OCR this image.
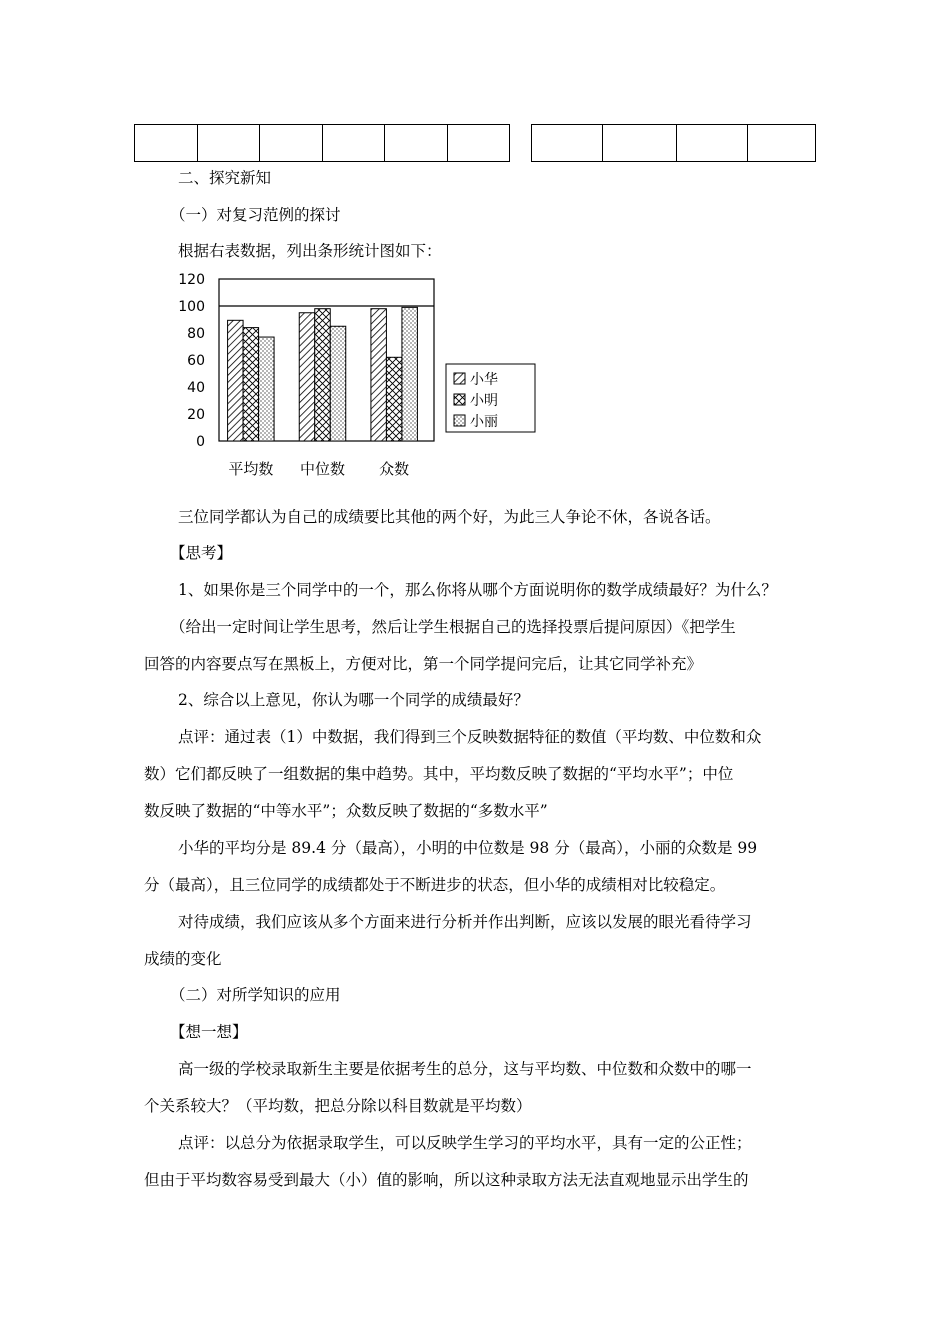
二、探究新知
（一）对复习范例的探讨
根据右表数据，列出条形统计图如下：
0
20
40
60
80
100
120
平均数 中位数 众数
小华
小明
小丽
三位同学都认为自己的成绩要比其他的两个好，为此三人争论不休，各说各话。
【思考】
1、如果你是三个同学中的一个，那么你将从哪个方面说明你的数学成绩最好？为什么？
（给出一定时间让学生思考，然后让学生根据自己的选择投票后提问原因）《把学生
回答的内容要点写在黑板上，方便对比，第一个同学提问完后，让其它同学补充》
2、综合以上意见，你认为哪一个同学的成绩最好？
点评：通过表（1）中数据，我们得到三个反映数据特征的数值（平均数、中位数和众
数）它们都反映了一组数据的集中趋势。其中，平均数反映了数据的“平均水平”；中位
数反映了数据的“中等水平”；众数反映了数据的“多数水平”
小华的平均分是 89.4 分（最高），小明的中位数是 98 分（最高），小丽的众数是 99
分（最高），且三位同学的成绩都处于不断进步的状态，但小华的成绩相对比较稳定。
对待成绩，我们应该从多个方面来进行分析并作出判断，应该以发展的眼光看待学习
成绩的变化
（二）对所学知识的应用
【想一想】
高一级的学校录取新生主要是依据考生的总分，这与平均数、中位数和众数中的哪一
个关系较大？（平均数，把总分除以科目数就是平均数）
点评：以总分为依据录取学生，可以反映学生学习的平均水平，具有一定的公正性；
但由于平均数容易受到最大（小）值的影响，所以这种录取方法无法直观地显示出学生的
